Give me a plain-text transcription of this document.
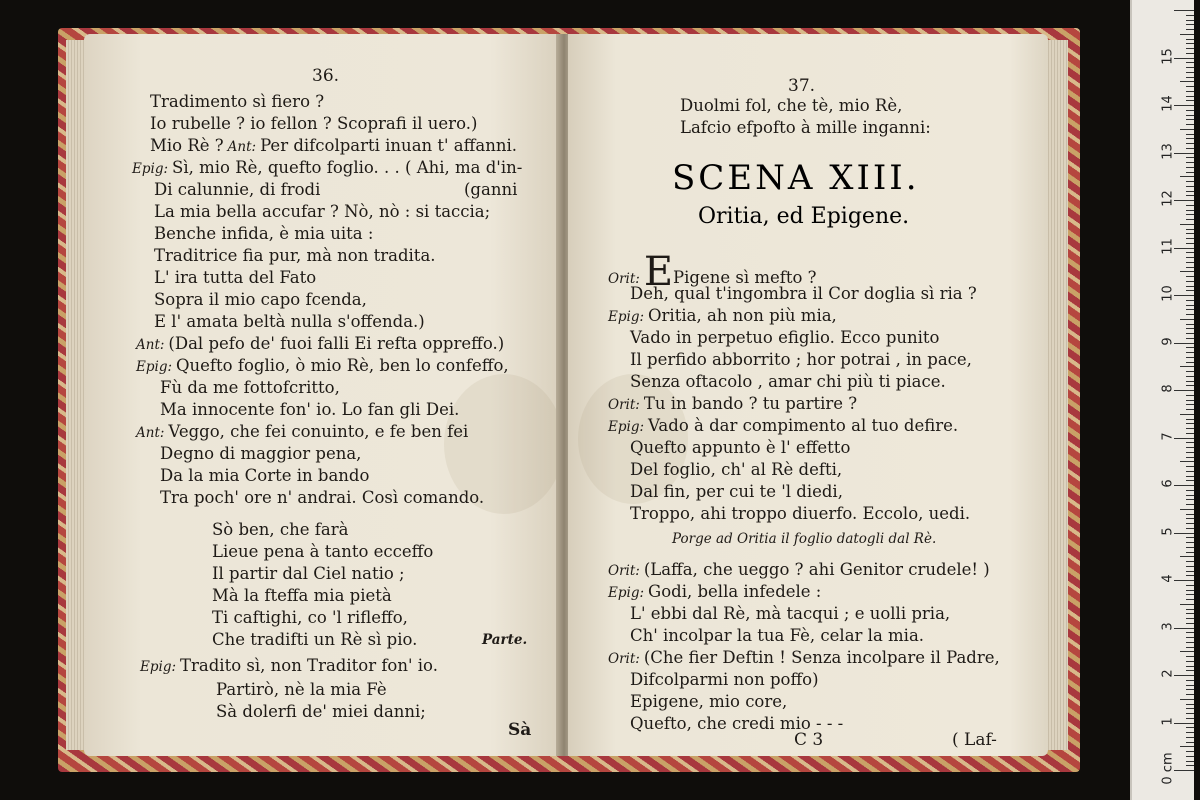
36.
Tradimento sì fiero ?
Io rubelle ? io fellon ? Scoprafi il uero.)
Mio Rè ? Ant: Per difcolparti inuan t' affanni.
Epig: Sì, mio Rè, quefto foglio. . . ( Ahi, ma d'in-
Di calunnie, di frodi	(ganni
La mia bella accufar ? Nò, nò : si taccia;
Benche infida, è mia uita :
Traditrice fia pur, mà non tradita.
L' ira tutta del Fato
Sopra il mio capo fcenda,
E l' amata beltà nulla s'offenda.)
Ant: (Dal pefo de' fuoi falli Ei refta oppreffo.)
Epig: Quefto foglio, ò mio Rè, ben lo confeffo,
Fù da me fottofcritto,
Ma innocente fon' io. Lo fan gli Dei.
Ant: Veggo, che fei conuinto, e fe ben fei
Degno di maggior pena,
Da la mia Corte in bando
Tra poch' ore n' andrai. Così comando.
Sò ben, che farà
Lieue pena à tanto ecceffo
Il partir dal Ciel natio ;
Mà la fteffa mia pietà
Ti caftighi, co 'l rifleffo,
Che tradifti un Rè sì pio.	Parte.
Epig: Tradito sì, non Traditor fon' io.
Partirò, nè la mia Fè
Sà dolerfi de' miei danni;
Sà
37.
Duolmi fol, che tè, mio Rè,
Lafcio efpofto à mille inganni:
Orit: EPigene sì mefto ?
Deh, qual t'ingombra il Cor doglia sì ria ?
Epig: Oritia, ah non più mia,
Vado in perpetuo efiglio. Ecco punito
Il perfido abborrito ; hor potrai , in pace,
Senza oftacolo , amar chi più ti piace.
Orit: Tu in bando ? tu partire ?
Epig: Vado à dar compimento al tuo defire.
Quefto appunto è l' effetto
Del foglio, ch' al Rè defti,
Dal fin, per cui te 'l diedi,
Troppo, ahi troppo diuerfo. Eccolo, uedi.
Porge ad Oritia il foglio datogli dal Rè.
Orit: (Laffa, che ueggo ? ahi Genitor crudele! )
Epig: Godi, bella infedele :
L' ebbi dal Rè, mà tacqui ; e uolli pria,
Ch' incolpar la tua Fè, celar la mia.
Orit: (Che fier Deftin ! Senza incolpare il Padre,
Difcolparmi non poffo)
Epigene, mio core,
Quefto, che credi mio - - -
C 3	( Laf-
SCENA XIII.
Oritia, ed Epigene.
0 cm
1
2
3
4
5
6
7
8
9
10
11
12
13
14
15
